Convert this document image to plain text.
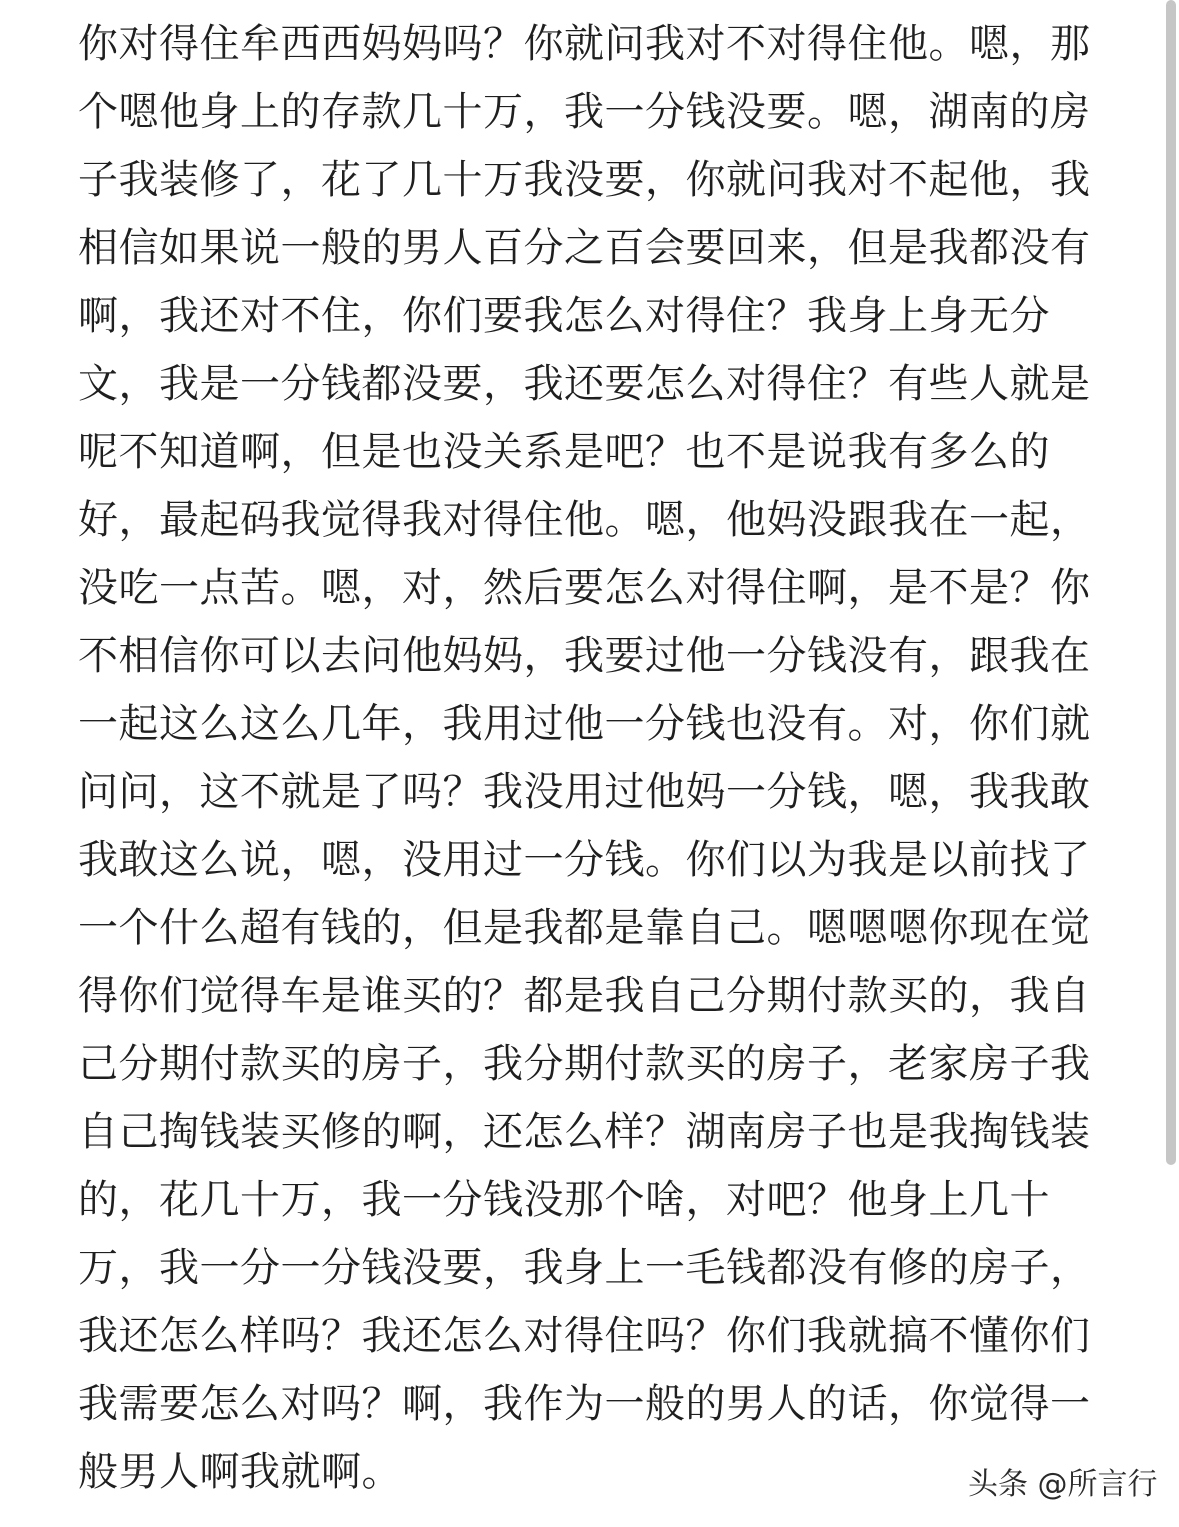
你对得住牟西西妈妈吗？你就问我对不对得住他。嗯，那
个嗯他身上的存款几十万，我一分钱没要。嗯，湖南的房
子我装修了，花了几十万我没要，你就问我对不起他，我
相信如果说一般的男人百分之百会要回来，但是我都没有
啊，我还对不住，你们要我怎么对得住？我身上身无分
文，我是一分钱都没要，我还要怎么对得住？有些人就是
呢不知道啊，但是也没关系是吧？也不是说我有多么的
好，最起码我觉得我对得住他。嗯，他妈没跟我在一起，
没吃一点苦。嗯，对，然后要怎么对得住啊，是不是？你
不相信你可以去问他妈妈，我要过他一分钱没有，跟我在
一起这么这么几年，我用过他一分钱也没有。对，你们就
问问，这不就是了吗？我没用过他妈一分钱，嗯，我我敢
我敢这么说，嗯，没用过一分钱。你们以为我是以前找了
一个什么超有钱的，但是我都是靠自己。嗯嗯嗯你现在觉
得你们觉得车是谁买的？都是我自己分期付款买的，我自
己分期付款买的房子，我分期付款买的房子，老家房子我
自己掏钱装买修的啊，还怎么样？湖南房子也是我掏钱装
的，花几十万，我一分钱没那个啥，对吧？他身上几十
万，我一分一分钱没要，我身上一毛钱都没有修的房子，
我还怎么样吗？我还怎么对得住吗？你们我就搞不懂你们
我需要怎么对吗？啊，我作为一般的男人的话，你觉得一
般男人啊我就啊。	头条 @所言行
